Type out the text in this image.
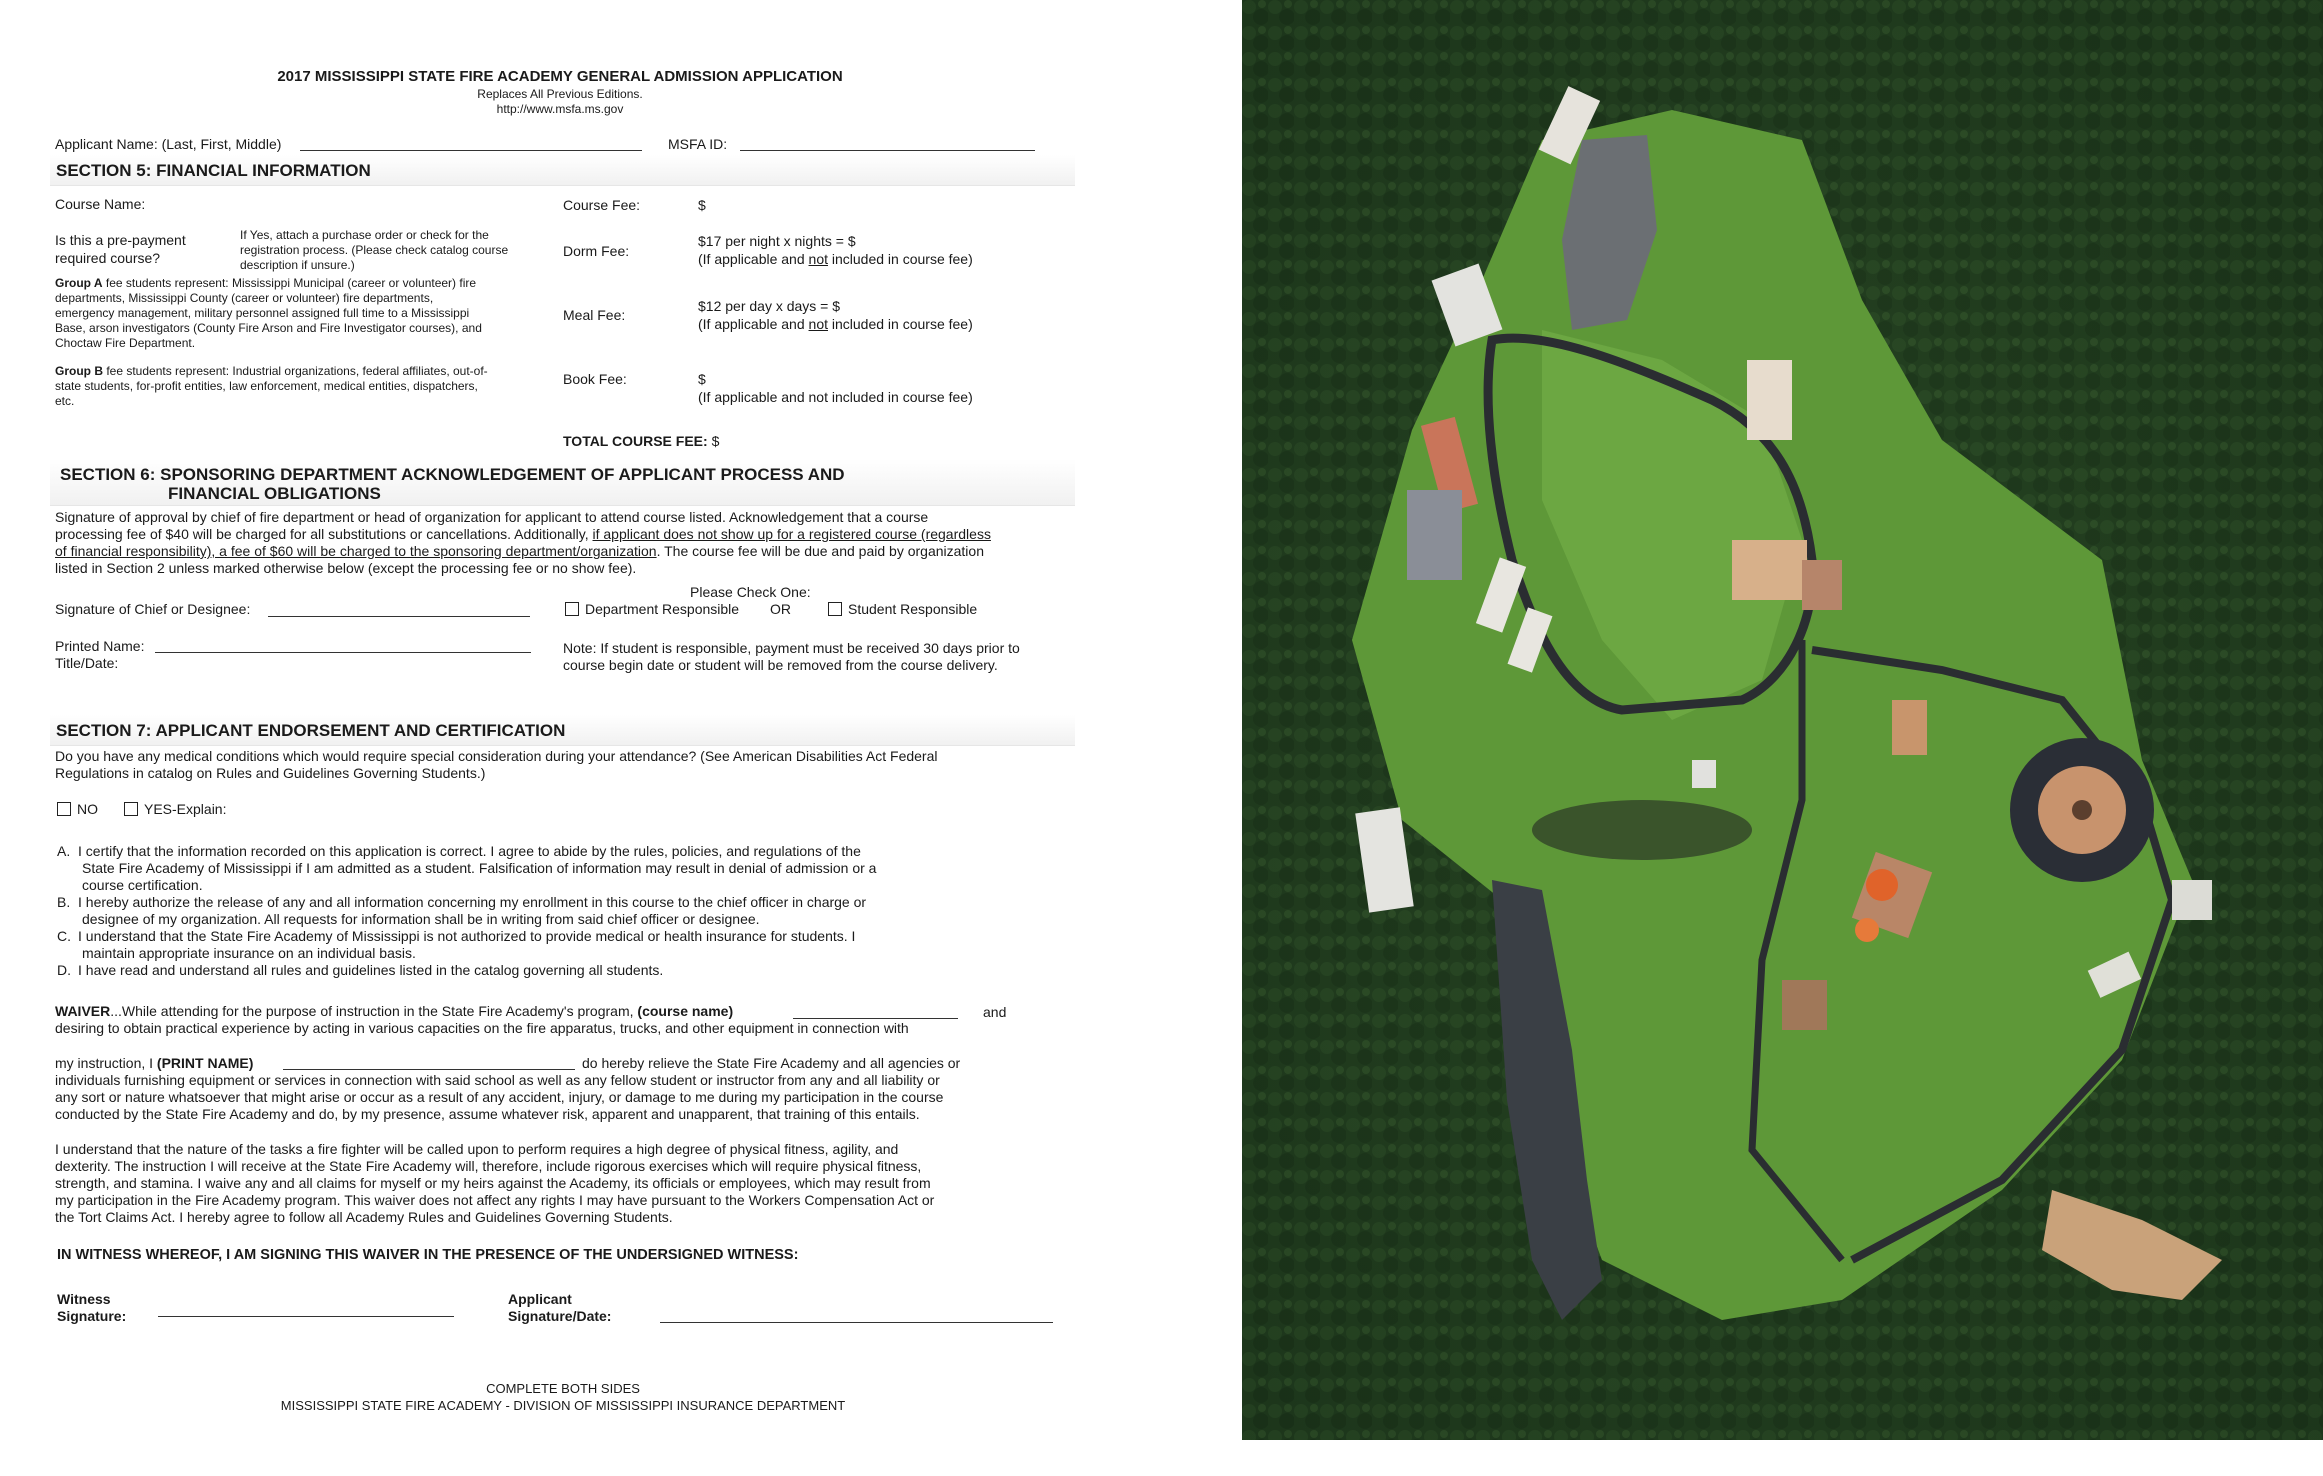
2017 MISSISSIPPI STATE FIRE ACADEMY GENERAL ADMISSION APPLICATION
Replaces All Previous Editions.
http://www.msfa.ms.gov
Applicant Name: (Last, First, Middle)	MSFA ID:
SECTION 5: FINANCIAL INFORMATION
Course Name:	Course Fee:	$
Is this a pre-payment
required course?
If Yes, attach a purchase order or check for the
registration process. (Please check catalog course
description if unsure.)
Dorm Fee:
$17 per night x nights = $
(If applicable and not included in course fee)
Group A fee students represent: Mississippi Municipal (career or volunteer) fire
departments, Mississippi County (career or volunteer) fire departments,
emergency management, military personnel assigned full time to a Mississippi
Base, arson investigators (County Fire Arson and Fire Investigator courses), and
Choctaw Fire Department.
Meal Fee:
$12 per day x days = $
(If applicable and not included in course fee)
Group B fee students represent: Industrial organizations, federal affiliates, out-of-
state students, for-profit entities, law enforcement, medical entities, dispatchers,
etc.
Book Fee:	$
(If applicable and not included in course fee)
TOTAL COURSE FEE: $
SECTION 6: SPONSORING DEPARTMENT ACKNOWLEDGEMENT OF APPLICANT PROCESS AND
FINANCIAL OBLIGATIONS
Signature of approval by chief of fire department or head of organization for applicant to attend course listed. Acknowledgement that a course
processing fee of $40 will be charged for all substitutions or cancellations. Additionally, if applicant does not show up for a registered course (regardless
of financial responsibility), a fee of $60 will be charged to the sponsoring department/organization. The course fee will be due and paid by organization
listed in Section 2 unless marked otherwise below (except the processing fee or no show fee).
Please Check One:
Signature of Chief or Designee:	Department Responsible OR	Student Responsible
Printed Name:
Title/Date:
Note: If student is responsible, payment must be received 30 days prior to
course begin date or student will be removed from the course delivery.
SECTION 7: APPLICANT ENDORSEMENT AND CERTIFICATION
Do you have any medical conditions which would require special consideration during your attendance? (See American Disabilities Act Federal
Regulations in catalog on Rules and Guidelines Governing Students.)
NO	YES-Explain:
A. I certify that the information recorded on this application is correct. I agree to abide by the rules, policies, and regulations of the
State Fire Academy of Mississippi if I am admitted as a student. Falsification of information may result in denial of admission or a
course certification.
B. I hereby authorize the release of any and all information concerning my enrollment in this course to the chief officer in charge or
designee of my organization. All requests for information shall be in writing from said chief officer or designee.
C. I understand that the State Fire Academy of Mississippi is not authorized to provide medical or health insurance for students. I
maintain appropriate insurance on an individual basis.
D. I have read and understand all rules and guidelines listed in the catalog governing all students.
WAIVER...While attending for the purpose of instruction in the State Fire Academy's program, (course name)	and
desiring to obtain practical experience by acting in various capacities on the fire apparatus, trucks, and other equipment in connection with
my instruction, I (PRINT NAME)	do hereby relieve the State Fire Academy and all agencies or
individuals furnishing equipment or services in connection with said school as well as any fellow student or instructor from any and all liability or
any sort or nature whatsoever that might arise or occur as a result of any accident, injury, or damage to me during my participation in the course
conducted by the State Fire Academy and do, by my presence, assume whatever risk, apparent and unapparent, that training of this entails.
I understand that the nature of the tasks a fire fighter will be called upon to perform requires a high degree of physical fitness, agility, and
dexterity. The instruction I will receive at the State Fire Academy will, therefore, include rigorous exercises which will require physical fitness,
strength, and stamina. I waive any and all claims for myself or my heirs against the Academy, its officials or employees, which may result from
my participation in the Fire Academy program. This waiver does not affect any rights I may have pursuant to the Workers Compensation Act or
the Tort Claims Act. I hereby agree to follow all Academy Rules and Guidelines Governing Students.
IN WITNESS WHEREOF, I AM SIGNING THIS WAIVER IN THE PRESENCE OF THE UNDERSIGNED WITNESS:
Witness
Signature:
Applicant
Signature/Date:
COMPLETE BOTH SIDES
MISSISSIPPI STATE FIRE ACADEMY - DIVISION OF MISSISSIPPI INSURANCE DEPARTMENT
